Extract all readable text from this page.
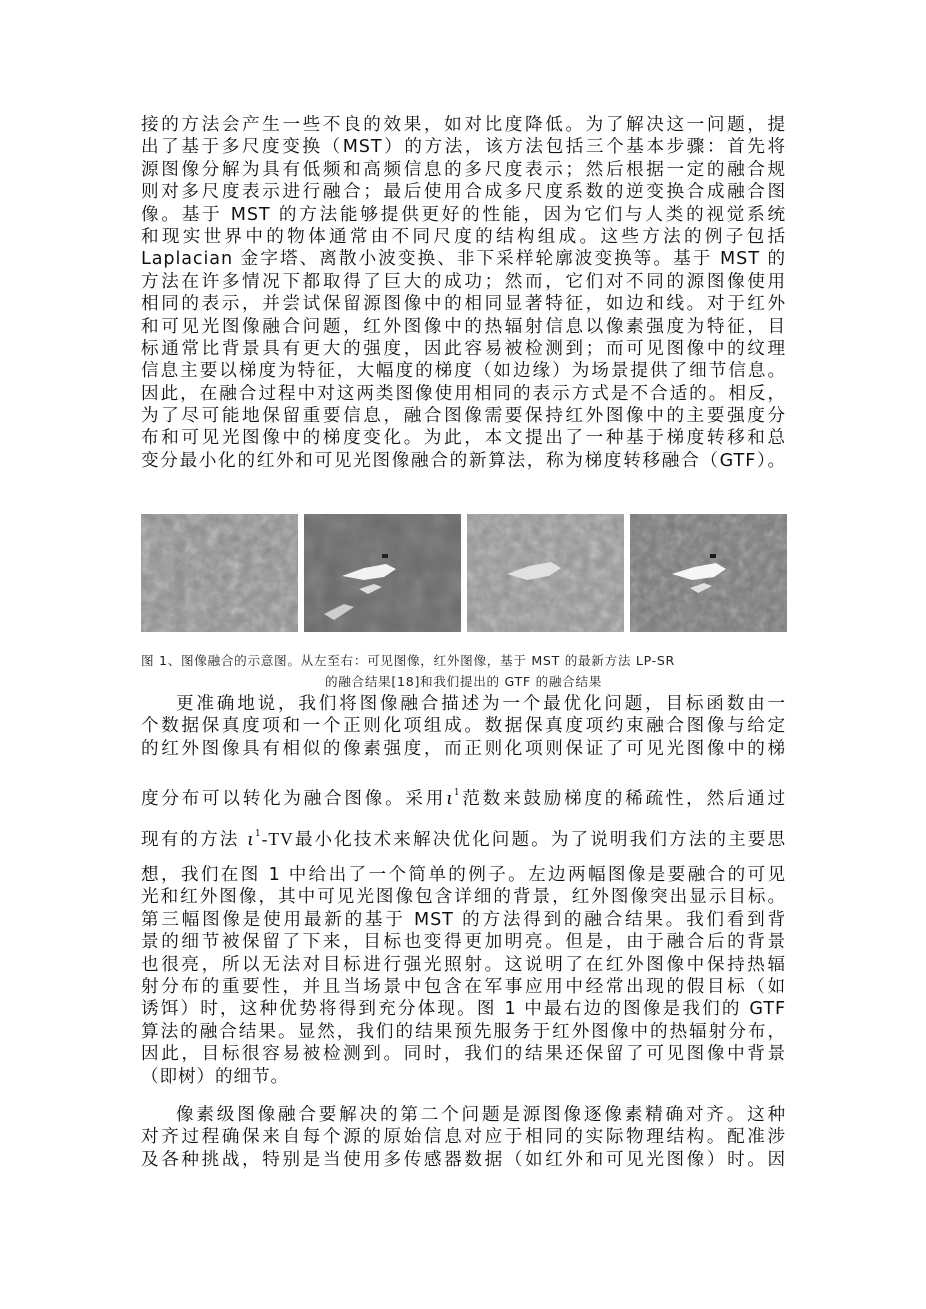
接的方法会产生一些不良的效果，如对比度降低。为了解决这一问题，提
出了基于多尺度变换（MST）的方法，该方法包括三个基本步骤：首先将
源图像分解为具有低频和高频信息的多尺度表示；然后根据一定的融合规
则对多尺度表示进行融合；最后使用合成多尺度系数的逆变换合成融合图
像。基于 MST 的方法能够提供更好的性能，因为它们与人类的视觉系统
和现实世界中的物体通常由不同尺度的结构组成。这些方法的例子包括
Laplacian 金字塔、离散小波变换、非下采样轮廓波变换等。基于 MST 的
方法在许多情况下都取得了巨大的成功；然而，它们对不同的源图像使用
相同的表示，并尝试保留源图像中的相同显著特征，如边和线。对于红外
和可见光图像融合问题，红外图像中的热辐射信息以像素强度为特征，目
标通常比背景具有更大的强度，因此容易被检测到；而可见图像中的纹理
信息主要以梯度为特征，大幅度的梯度（如边缘）为场景提供了细节信息。
因此，在融合过程中对这两类图像使用相同的表示方式是不合适的。相反，
为了尽可能地保留重要信息，融合图像需要保持红外图像中的主要强度分
布和可见光图像中的梯度变化。为此，本文提出了一种基于梯度转移和总
变分最小化的红外和可见光图像融合的新算法，称为梯度转移融合（GTF）。
图 1、图像融合的示意图。从左至右：可见图像，红外图像，基于 MST 的最新方法 LP-SR
的融合结果[18]和我们提出的 GTF 的融合结果
更准确地说，我们将图像融合描述为一个最优化问题，目标函数由一
个数据保真度项和一个正则化项组成。数据保真度项约束融合图像与给定
的红外图像具有相似的像素强度，而正则化项则保证了可见光图像中的梯
度分布可以转化为融合图像。采用$\iota^1$范数来鼓励梯度的稀疏性，然后通过
现有的方法 $\iota^1-TV$最小化技术来解决优化问题。为了说明我们方法的主要思
想，我们在图 1 中给出了一个简单的例子。左边两幅图像是要融合的可见
光和红外图像，其中可见光图像包含详细的背景，红外图像突出显示目标。
第三幅图像是使用最新的基于 MST 的方法得到的融合结果。我们看到背
景的细节被保留了下来，目标也变得更加明亮。但是，由于融合后的背景
也很亮，所以无法对目标进行强光照射。这说明了在红外图像中保持热辐
射分布的重要性，并且当场景中包含在军事应用中经常出现的假目标（如
诱饵）时，这种优势将得到充分体现。图 1 中最右边的图像是我们的 GTF
算法的融合结果。显然，我们的结果预先服务于红外图像中的热辐射分布，
因此，目标很容易被检测到。同时，我们的结果还保留了可见图像中背景
（即树）的细节。
像素级图像融合要解决的第二个问题是源图像逐像素精确对齐。这种
对齐过程确保来自每个源的原始信息对应于相同的实际物理结构。配准涉
及各种挑战，特别是当使用多传感器数据（如红外和可见光图像）时。因
